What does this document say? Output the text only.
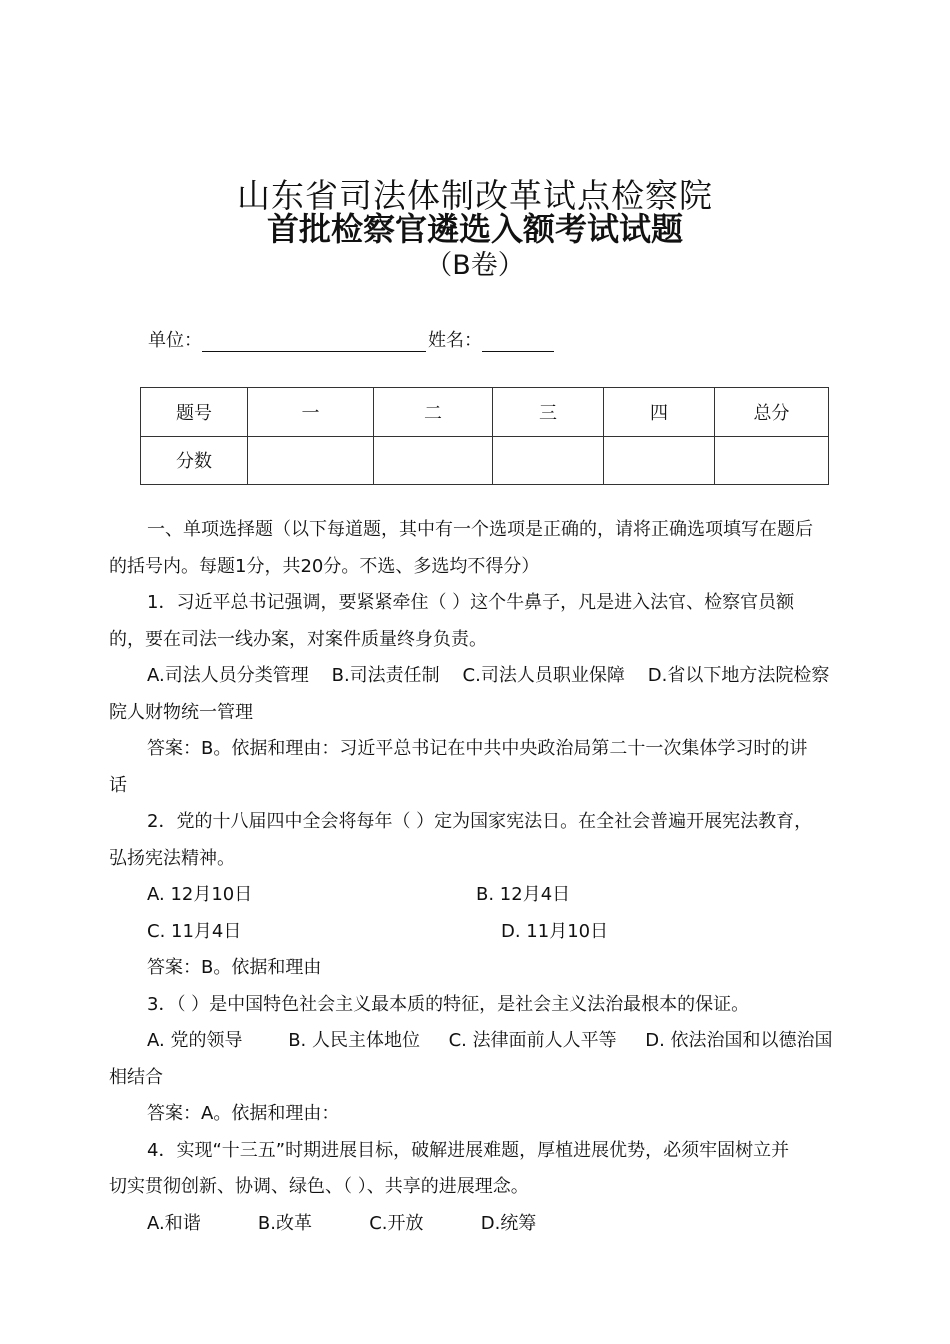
山东省司法体制改革试点检察院
首批检察官遴选入额考试试题
（B卷）
单位：	姓名：
题号	一	二	三	四	总分
分数					

一、单项选择题（以下每道题，其中有一个选项是正确的，请将正确选项填写在题后

的括号内。每题1分，共20分。不选、多选均不得分）

1．习近平总书记强调，要紧紧牵住（ ）这个牛鼻子，凡是进入法官、检察官员额

的，要在司法一线办案，对案件质量终身负责。

A.司法人员分类管理    B.司法责任制    C.司法人员职业保障    D.省以下地方法院检察

院人财物统一管理

答案：B。依据和理由：习近平总书记在中共中央政治局第二十一次集体学习时的讲

话

2．党的十八届四中全会将每年（ ）定为国家宪法日。在全社会普遍开展宪法教育，

弘扬宪法精神。

A. 12月10日	B. 12月4日
C. 11月4日	D. 11月10日

答案：B。依据和理由

3．（ ）是中国特色社会主义最本质的特征，是社会主义法治最根本的保证。

A. 党的领导        B. 人民主体地位     C. 法律面前人人平等     D. 依法治国和以德治国

相结合

答案：A。依据和理由：

4．实现“十三五”时期进展目标，破解进展难题，厚植进展优势，必须牢固树立并

切实贯彻创新、协调、绿色、（ ）、共享的进展理念。

A.和谐          B.改革          C.开放          D.统筹
